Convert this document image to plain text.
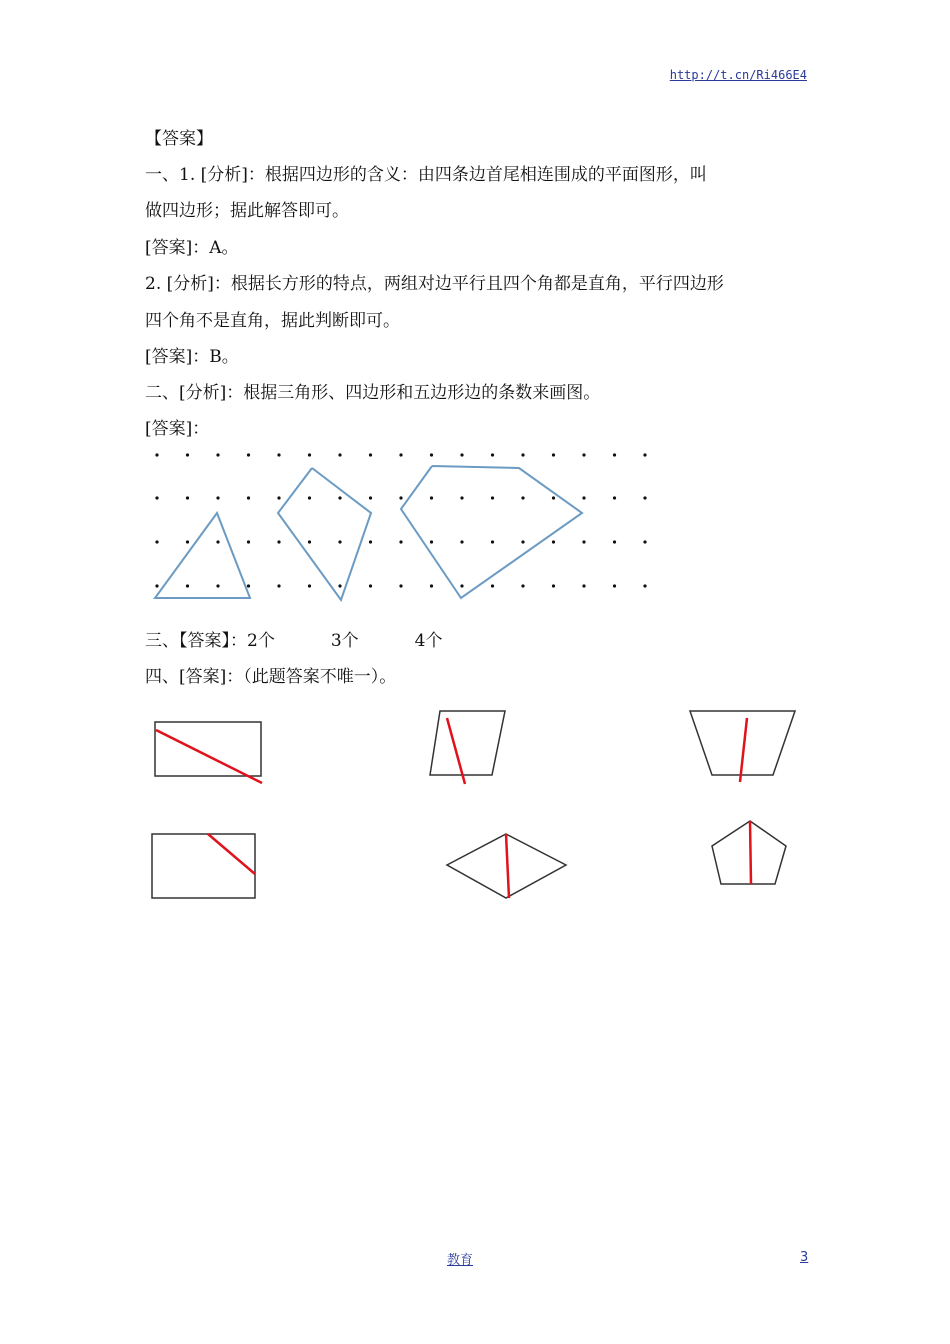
http://t.cn/Ri466E4
【答案】
一、1. [分析]：根据四边形的含义：由四条边首尾相连围成的平面图形，叫
做四边形；据此解答即可。
[答案]：A。
2. [分析]：根据长方形的特点，两组对边平行且四个角都是直角，平行四边形
四个角不是直角，据此判断即可。
[答案]：B。
二、[分析]：根据三角形、四边形和五边形边的条数来画图。
[答案]：
三、【答案】：2个	3个	4个
四、[答案]：（此题答案不唯一）。
教育	3
